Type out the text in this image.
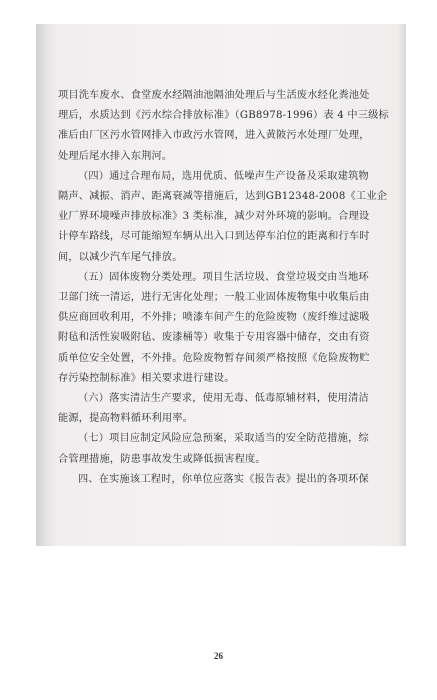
项目洗车废水、食堂废水经隔油池隔油处理后与生活废水经化粪池处
理后，水质达到《污水综合排放标准》（GB8978-1996）表 4 中三级标
准后由厂区污水管网排入市政污水管网，进入黄陂污水处理厂处理，
处理后尾水排入东荆河。

（四）通过合理布局，选用优质、低噪声生产设备及采取建筑物
隔声、减振、消声、距离衰减等措施后，达到GB12348-2008《工业企
业厂界环境噪声排放标准》3 类标准，减少对外环境的影响。合理设
计停车路线，尽可能缩短车辆从出入口到达停车泊位的距离和行车时
间，以减少汽车尾气排放。

（五）固体废物分类处理。项目生活垃圾、食堂垃圾交由当地环
卫部门统一清运，进行无害化处理；一般工业固体废物集中收集后由
供应商回收利用，不外排；喷漆车间产生的危险废物（废纤维过滤吸
附毡和活性炭吸附毡、废漆桶等）收集于专用容器中储存，交由有资
质单位安全处置，不外排。危险废物暂存间须严格按照《危险废物贮
存污染控制标准》相关要求进行建设。

（六）落实清洁生产要求，使用无毒、低毒原辅材料，使用清洁
能源，提高物料循环利用率。

（七）项目应制定风险应急预案，采取适当的安全防范措施，综
合管理措施，防患事故发生或降低损害程度。

四、在实施该工程时，你单位应落实《报告表》提出的各项环保

26
